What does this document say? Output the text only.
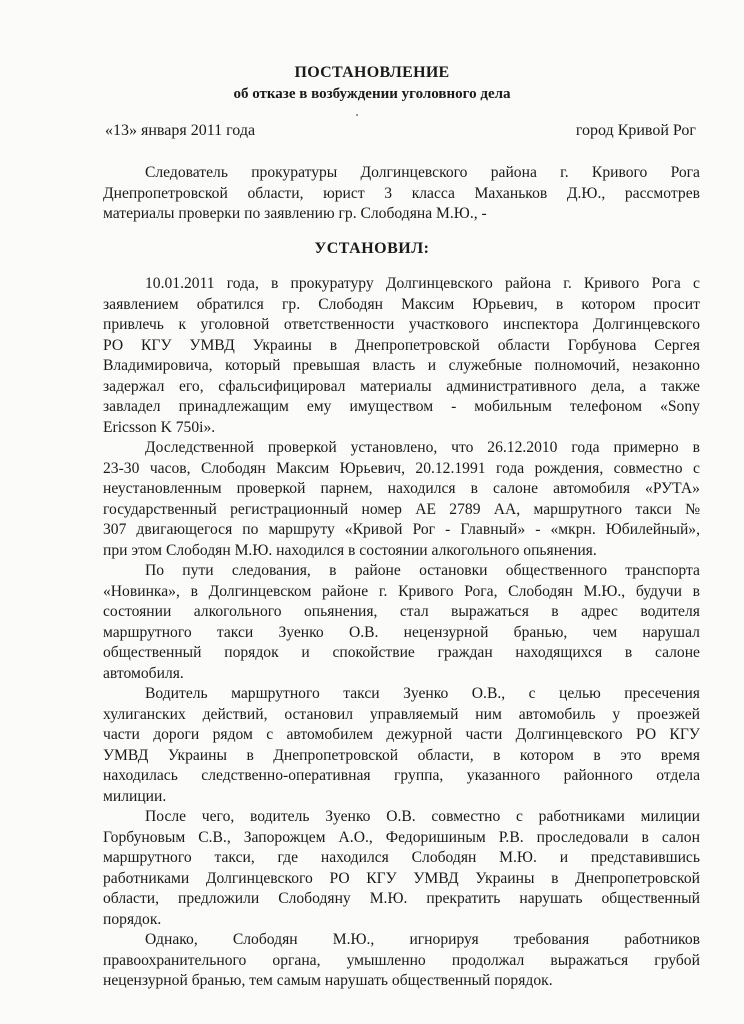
ПОСТАНОВЛЕНИЕ
об отказе в возбуждении уголовного дела
«13» января 2011 года	город Кривой Рог
Следователь прокуратуры Долгинцевского района г. Кривого Рога
Днепропетровской области, юрист 3 класса Маханьков Д.Ю., рассмотрев
материалы проверки по заявлению гр. Слободяна М.Ю., -
УСТАНОВИЛ:
10.01.2011 года, в прокуратуру Долгинцевского района г. Кривого Рога с
заявлением обратился гр. Слободян Максим Юрьевич, в котором просит
привлечь к уголовной ответственности участкового инспектора Долгинцевского
РО КГУ УМВД Украины в Днепропетровской области Горбунова Сергея
Владимировича, который превышая власть и служебные полномочий, незаконно
задержал его, сфальсифицировал материалы административного дела, а также
завладел принадлежащим ему имуществом - мобильным телефоном «Sony
Ericsson K 750i».
Доследственной проверкой установлено, что 26.12.2010 года примерно в
23-30 часов, Слободян Максим Юрьевич, 20.12.1991 года рождения, совместно с
неустановленным проверкой парнем, находился в салоне автомобиля «РУТА»
государственный регистрационный номер АЕ 2789 АА, маршрутного такси №
307 двигающегося по маршруту «Кривой Рог - Главный» - «мкрн. Юбилейный»,
при этом Слободян М.Ю. находился в состоянии алкогольного опьянения.
По пути следования, в районе остановки общественного транспорта
«Новинка», в Долгинцевском районе г. Кривого Рога, Слободян М.Ю., будучи в
состоянии алкогольного опьянения, стал выражаться в адрес водителя
маршрутного такси Зуенко О.В. нецензурной бранью, чем нарушал
общественный порядок и спокойствие граждан находящихся в салоне
автомобиля.
Водитель маршрутного такси Зуенко О.В., с целью пресечения
хулиганских действий, остановил управляемый ним автомобиль у проезжей
части дороги рядом с автомобилем дежурной части Долгинцевского РО КГУ
УМВД Украины в Днепропетровской области, в котором в это время
находилась следственно-оперативная группа, указанного районного отдела
милиции.
После чего, водитель Зуенко О.В. совместно с работниками милиции
Горбуновым С.В., Запорожцем А.О., Федоришиным Р.В. проследовали в салон
маршрутного такси, где находился Слободян М.Ю. и представившись
работниками Долгинцевского РО КГУ УМВД Украины в Днепропетровской
области, предложили Слободяну М.Ю. прекратить нарушать общественный
порядок.
Однако, Слободян М.Ю., игнорируя требования работников
правоохранительного органа, умышленно продолжал выражаться грубой
нецензурной бранью, тем самым нарушать общественный порядок.
